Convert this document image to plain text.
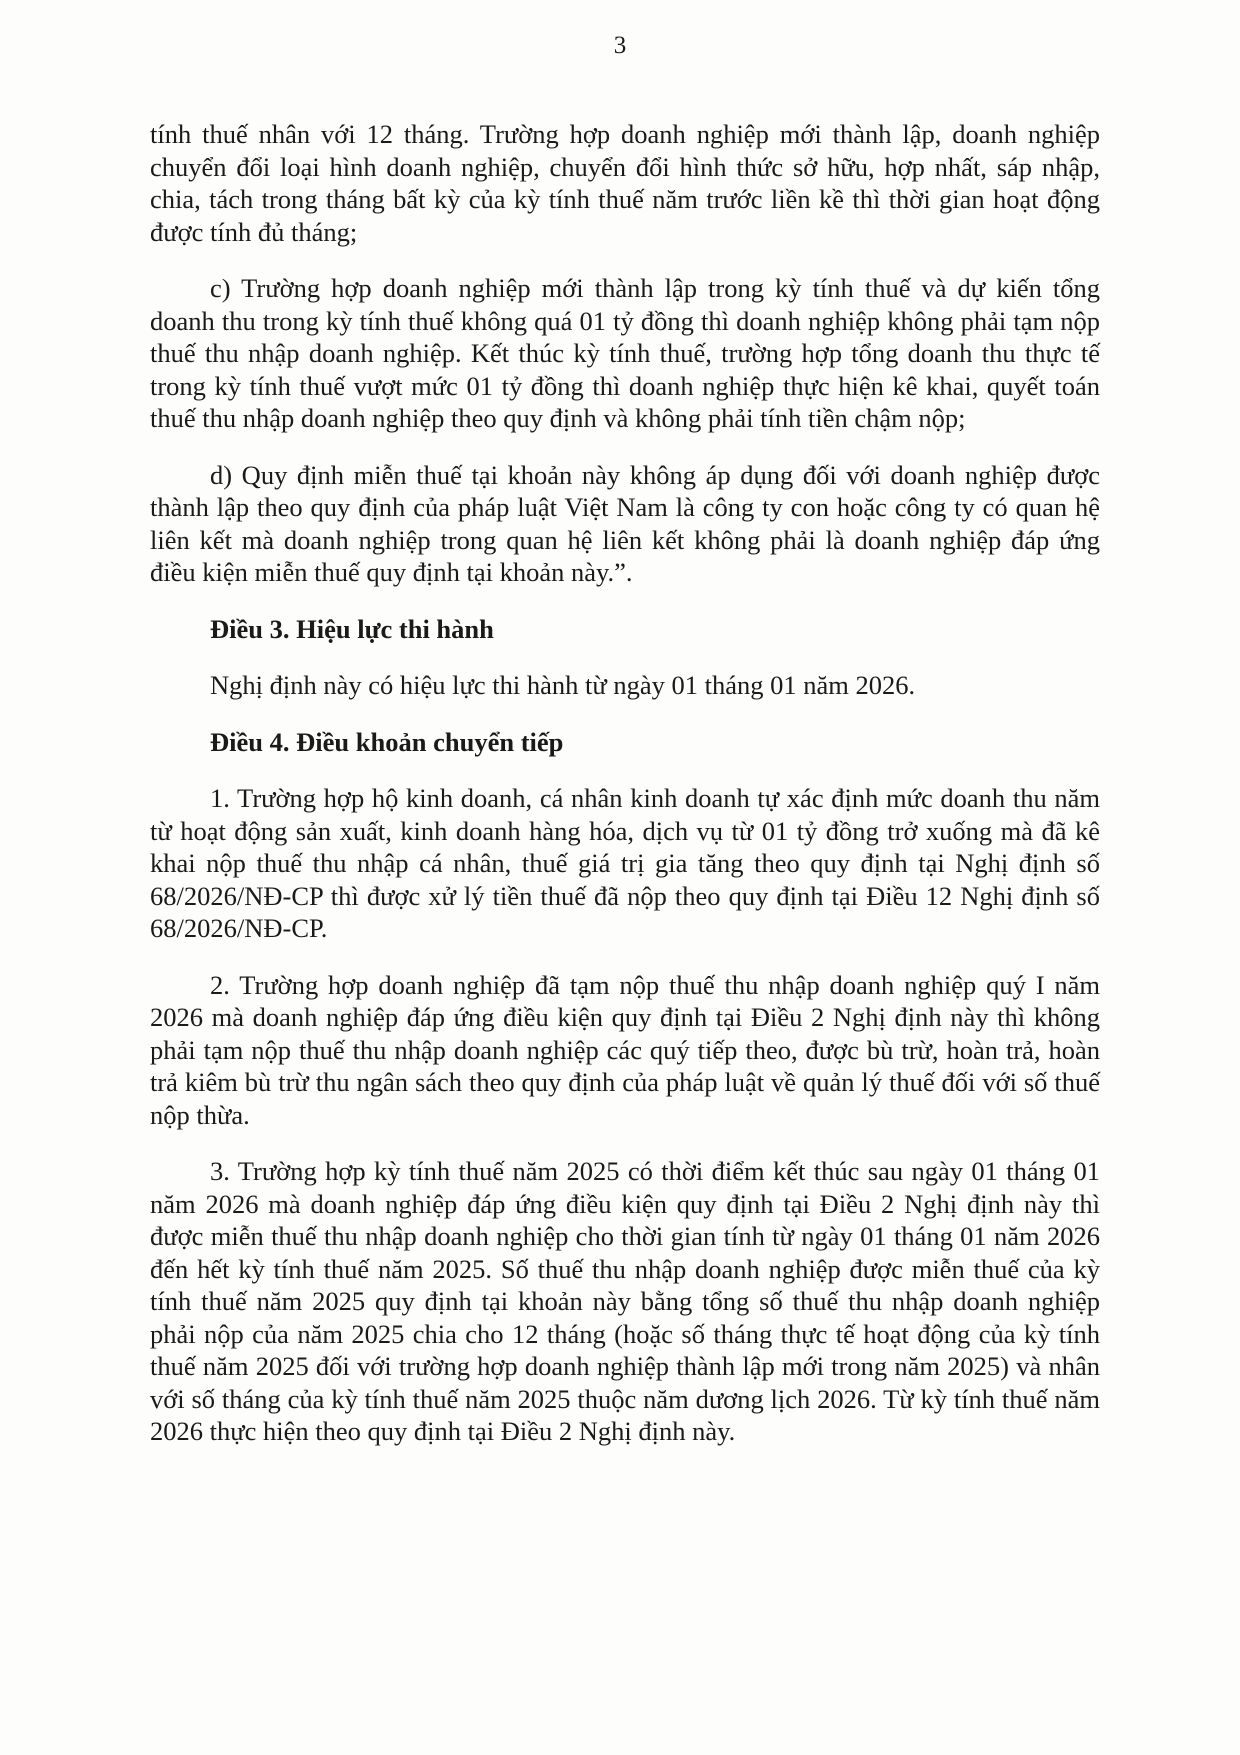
3

tính thuế nhân với 12 tháng. Trường hợp doanh nghiệp mới thành lập, doanh nghiệp chuyển đổi loại hình doanh nghiệp, chuyển đổi hình thức sở hữu, hợp nhất, sáp nhập, chia, tách trong tháng bất kỳ của kỳ tính thuế năm trước liền kề thì thời gian hoạt động được tính đủ tháng;

c) Trường hợp doanh nghiệp mới thành lập trong kỳ tính thuế và dự kiến tổng doanh thu trong kỳ tính thuế không quá 01 tỷ đồng thì doanh nghiệp không phải tạm nộp thuế thu nhập doanh nghiệp. Kết thúc kỳ tính thuế, trường hợp tổng doanh thu thực tế trong kỳ tính thuế vượt mức 01 tỷ đồng thì doanh nghiệp thực hiện kê khai, quyết toán thuế thu nhập doanh nghiệp theo quy định và không phải tính tiền chậm nộp;

d) Quy định miễn thuế tại khoản này không áp dụng đối với doanh nghiệp được thành lập theo quy định của pháp luật Việt Nam là công ty con hoặc công ty có quan hệ liên kết mà doanh nghiệp trong quan hệ liên kết không phải là doanh nghiệp đáp ứng điều kiện miễn thuế quy định tại khoản này.”.

Điều 3. Hiệu lực thi hành

Nghị định này có hiệu lực thi hành từ ngày 01 tháng 01 năm 2026.

Điều 4. Điều khoản chuyển tiếp

1. Trường hợp hộ kinh doanh, cá nhân kinh doanh tự xác định mức doanh thu năm từ hoạt động sản xuất, kinh doanh hàng hóa, dịch vụ từ 01 tỷ đồng trở xuống mà đã kê khai nộp thuế thu nhập cá nhân, thuế giá trị gia tăng theo quy định tại Nghị định số 68/2026/NĐ-CP thì được xử lý tiền thuế đã nộp theo quy định tại Điều 12 Nghị định số 68/2026/NĐ-CP.

2. Trường hợp doanh nghiệp đã tạm nộp thuế thu nhập doanh nghiệp quý I năm 2026 mà doanh nghiệp đáp ứng điều kiện quy định tại Điều 2 Nghị định này thì không phải tạm nộp thuế thu nhập doanh nghiệp các quý tiếp theo, được bù trừ, hoàn trả, hoàn trả kiêm bù trừ thu ngân sách theo quy định của pháp luật về quản lý thuế đối với số thuế nộp thừa.

3. Trường hợp kỳ tính thuế năm 2025 có thời điểm kết thúc sau ngày 01 tháng 01 năm 2026 mà doanh nghiệp đáp ứng điều kiện quy định tại Điều 2 Nghị định này thì được miễn thuế thu nhập doanh nghiệp cho thời gian tính từ ngày 01 tháng 01 năm 2026 đến hết kỳ tính thuế năm 2025. Số thuế thu nhập doanh nghiệp được miễn thuế của kỳ tính thuế năm 2025 quy định tại khoản này bằng tổng số thuế thu nhập doanh nghiệp phải nộp của năm 2025 chia cho 12 tháng (hoặc số tháng thực tế hoạt động của kỳ tính thuế năm 2025 đối với trường hợp doanh nghiệp thành lập mới trong năm 2025) và nhân với số tháng của kỳ tính thuế năm 2025 thuộc năm dương lịch 2026. Từ kỳ tính thuế năm 2026 thực hiện theo quy định tại Điều 2 Nghị định này.
